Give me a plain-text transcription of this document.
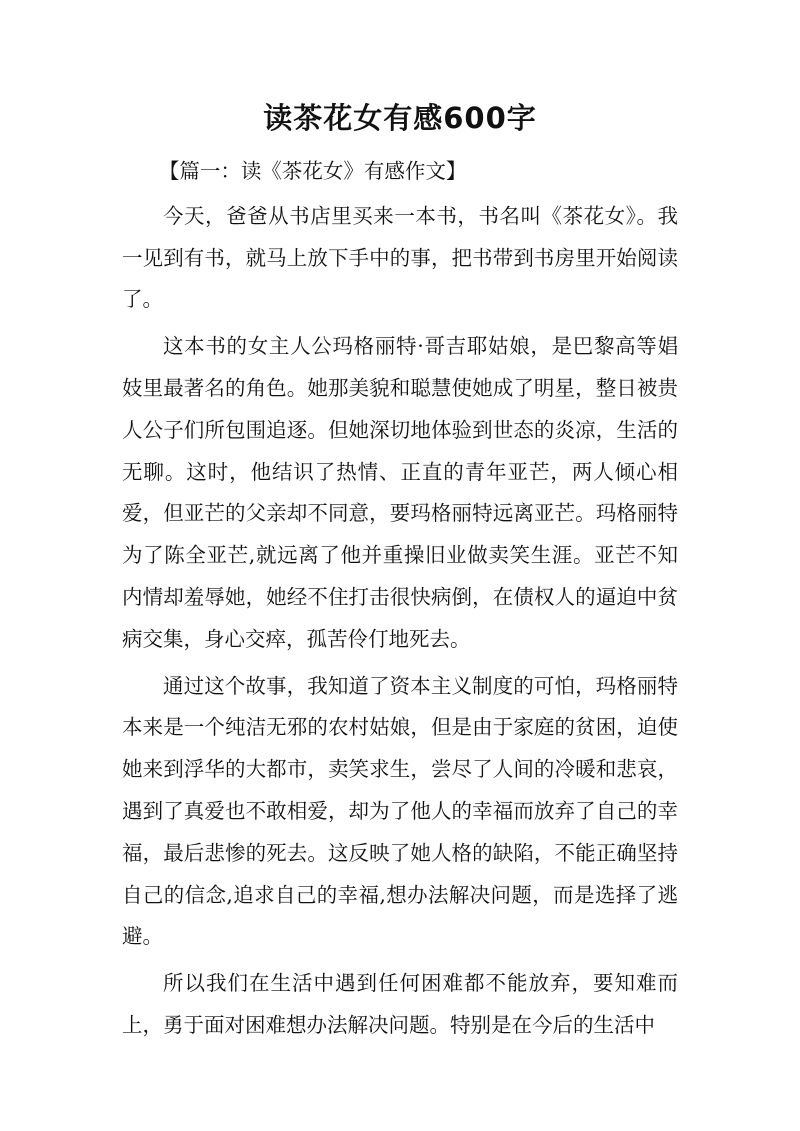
读茶花女有感600字

【篇一：读《茶花女》有感作文】

今天，爸爸从书店里买来一本书，书名叫《茶花女》。我一见到有书，就马上放下手中的事，把书带到书房里开始阅读了。

这本书的女主人公玛格丽特·哥吉耶姑娘，是巴黎高等娼妓里最著名的角色。她那美貌和聪慧使她成了明星，整日被贵人公子们所包围追逐。但她深切地体验到世态的炎凉，生活的无聊。这时，他结识了热情、正直的青年亚芒，两人倾心相爱，但亚芒的父亲却不同意，要玛格丽特远离亚芒。玛格丽特为了陈全亚芒,就远离了他并重操旧业做卖笑生涯。亚芒不知内情却羞辱她，她经不住打击很快病倒，在债权人的逼迫中贫病交集，身心交瘁，孤苦伶仃地死去。

通过这个故事，我知道了资本主义制度的可怕，玛格丽特本来是一个纯洁无邪的农村姑娘，但是由于家庭的贫困，迫使她来到浮华的大都市，卖笑求生，尝尽了人间的冷暖和悲哀，遇到了真爱也不敢相爱，却为了他人的幸福而放弃了自己的幸福，最后悲惨的死去。这反映了她人格的缺陷，不能正确坚持自己的信念,追求自己的幸福,想办法解决问题，而是选择了逃避。

所以我们在生活中遇到任何困难都不能放弃，要知难而上，勇于面对困难想办法解决问题。特别是在今后的生活中
